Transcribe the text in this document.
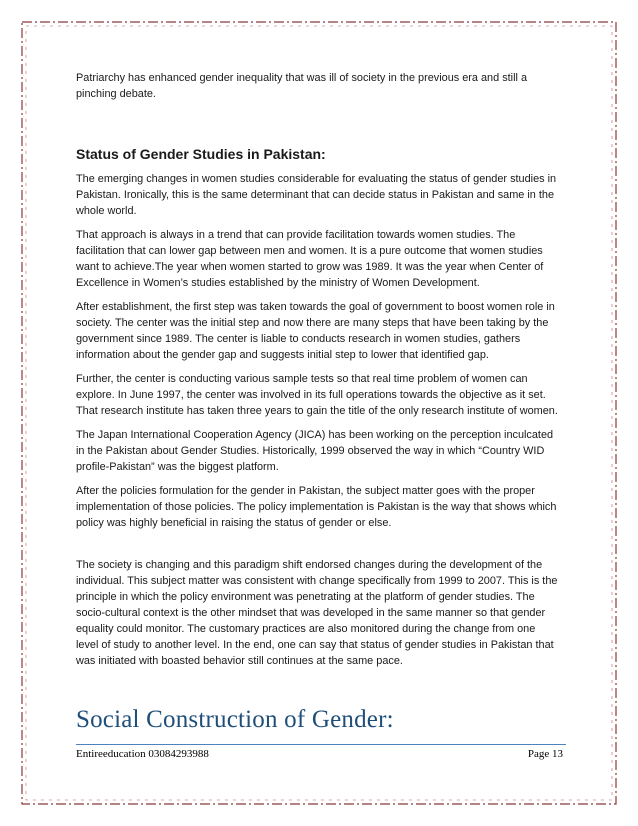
Patriarchy has enhanced gender inequality that was ill of society in the previous era and still a pinching debate.

Status of Gender Studies in Pakistan:

The emerging changes in women studies considerable for evaluating the status of gender studies in Pakistan. Ironically, this is the same determinant that can decide status in Pakistan and same in the whole world.

That approach is always in a trend that can provide facilitation towards women studies. The facilitation that can lower gap between men and women. It is a pure outcome that women studies want to achieve.The year when women started to grow was 1989. It was the year when Center of Excellence in Women’s studies established by the ministry of Women Development.

After establishment, the first step was taken towards the goal of government to boost women role in society. The center was the initial step and now there are many steps that have been taking by the government since 1989. The center is liable to conducts research in women studies, gathers information about the gender gap and suggests initial step to lower that identified gap.

Further, the center is conducting various sample tests so that real time problem of women can explore. In June 1997, the center was involved in its full operations towards the objective as it set. That research institute has taken three years to gain the title of the only research institute of women.

The Japan International Cooperation Agency (JICA) has been working on the perception inculcated in the Pakistan about Gender Studies. Historically, 1999 observed the way in which “Country WID profile-Pakistan” was the biggest platform.

After the policies formulation for the gender in Pakistan, the subject matter goes with the proper implementation of those policies. The policy implementation is Pakistan is the way that shows which policy was highly beneficial in raising the status of gender or else.

The society is changing and this paradigm shift endorsed changes during the development of the individual. This subject matter was consistent with change specifically from 1999 to 2007. This is the principle in which the policy environment was penetrating at the platform of gender studies. The socio-cultural context is the other mindset that was developed in the same manner so that gender equality could monitor. The customary practices are also monitored during the change from one level of study to another level. In the end, one can say that status of gender studies in Pakistan that was initiated with boasted behavior still continues at the same pace.

Social Construction of Gender:
Entireeducation 03084293988	Page 13
